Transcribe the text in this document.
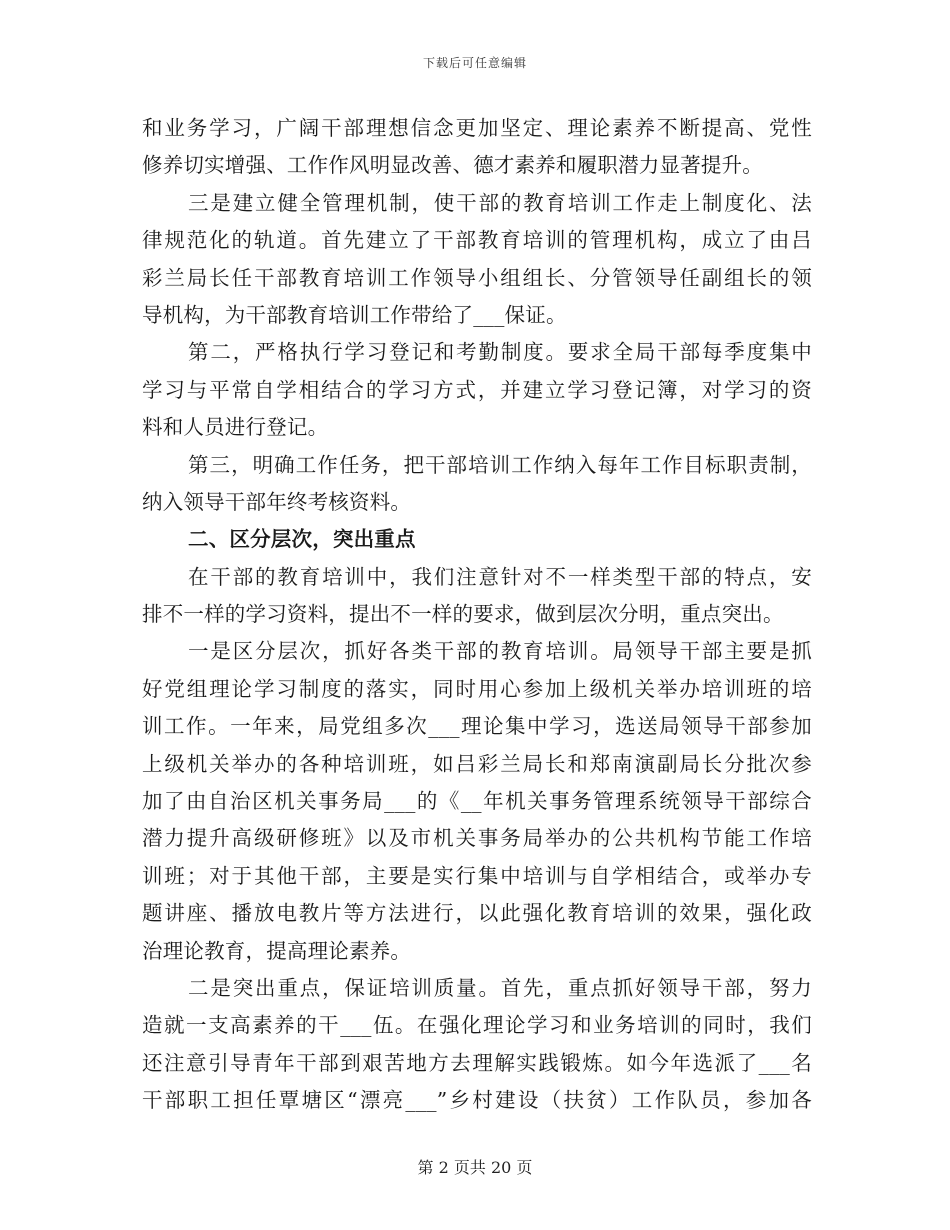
下载后可任意编辑
和业务学习，广阔干部理想信念更加坚定、理论素养不断提高、党性
修养切实增强、工作作风明显改善、德才素养和履职潜力显著提升。
三是建立健全管理机制，使干部的教育培训工作走上制度化、法
律规范化的轨道。首先建立了干部教育培训的管理机构，成立了由吕
彩兰局长任干部教育培训工作领导小组组长、分管领导任副组长的领
导机构，为干部教育培训工作带给了___保证。
第二，严格执行学习登记和考勤制度。要求全局干部每季度集中
学习与平常自学相结合的学习方式，并建立学习登记簿，对学习的资
料和人员进行登记。
第三，明确工作任务，把干部培训工作纳入每年工作目标职责制，
纳入领导干部年终考核资料。
二、区分层次，突出重点
在干部的教育培训中，我们注意针对不一样类型干部的特点，安
排不一样的学习资料，提出不一样的要求，做到层次分明，重点突出。
一是区分层次，抓好各类干部的教育培训。局领导干部主要是抓
好党组理论学习制度的落实，同时用心参加上级机关举办培训班的培
训工作。一年来，局党组多次___理论集中学习，选送局领导干部参加
上级机关举办的各种培训班，如吕彩兰局长和郑南演副局长分批次参
加了由自治区机关事务局___的《__年机关事务管理系统领导干部综合
潜力提升高级研修班》以及市机关事务局举办的公共机构节能工作培
训班；对于其他干部，主要是实行集中培训与自学相结合，或举办专
题讲座、播放电教片等方法进行，以此强化教育培训的效果，强化政
治理论教育，提高理论素养。
二是突出重点，保证培训质量。首先，重点抓好领导干部，努力
造就一支高素养的干___伍。在强化理论学习和业务培训的同时，我们
还注意引导青年干部到艰苦地方去理解实践锻炼。如今年选派了___名
干部职工担任覃塘区“漂亮___”乡村建设（扶贫）工作队员，参加各
第 2 页共 20 页
